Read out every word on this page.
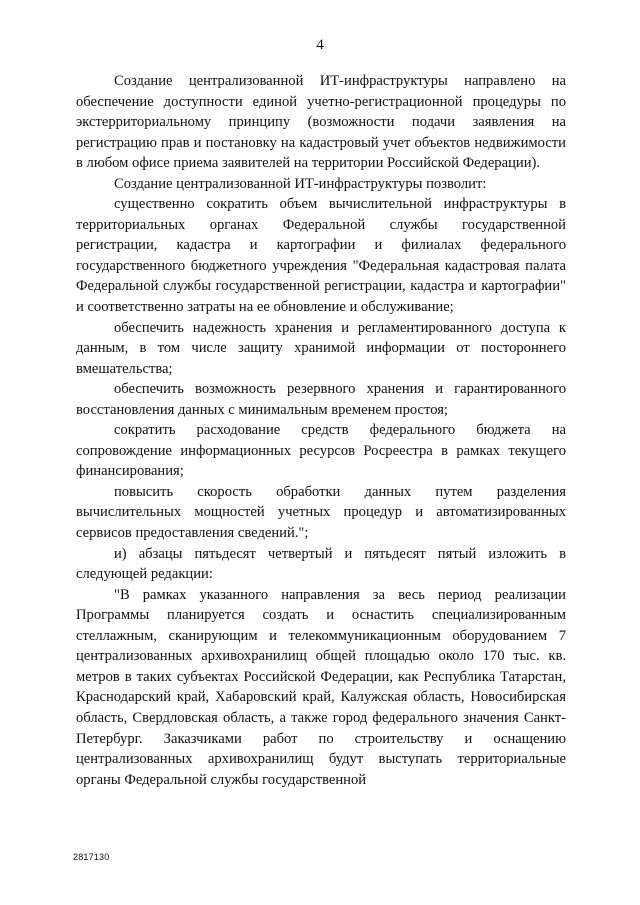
4

Создание централизованной ИТ-инфраструктуры направлено на обеспечение доступности единой учетно-регистрационной процедуры по экстерриториальному принципу (возможности подачи заявления на регистрацию прав и постановку на кадастровый учет объектов недвижимости в любом офисе приема заявителей на территории Российской Федерации).

Создание централизованной ИТ-инфраструктуры позволит:

существенно сократить объем вычислительной инфраструктуры в территориальных органах Федеральной службы государственной регистрации, кадастра и картографии и филиалах федерального государственного бюджетного учреждения "Федеральная кадастровая палата Федеральной службы государственной регистрации, кадастра и картографии" и соответственно затраты на ее обновление и обслуживание;

обеспечить надежность хранения и регламентированного доступа к данным, в том числе защиту хранимой информации от постороннего вмешательства;

обеспечить возможность резервного хранения и гарантированного восстановления данных с минимальным временем простоя;

сократить расходование средств федерального бюджета на сопровождение информационных ресурсов Росреестра в рамках текущего финансирования;

повысить скорость обработки данных путем разделения вычислительных мощностей учетных процедур и автоматизированных сервисов предоставления сведений.";

и) абзацы пятьдесят четвертый и пятьдесят пятый изложить в следующей редакции:

"В рамках указанного направления за весь период реализации Программы планируется создать и оснастить специализированным стеллажным, сканирующим и телекоммуникационным оборудованием 7 централизованных архивохранилищ общей площадью около 170 тыс. кв. метров в таких субъектах Российской Федерации, как Республика Татарстан, Краснодарский край, Хабаровский край, Калужская область, Новосибирская область, Свердловская область, а также город федерального значения Санкт-Петербург. Заказчиками работ по строительству и оснащению централизованных архивохранилищ будут выступать территориальные органы Федеральной службы государственной

2817130
